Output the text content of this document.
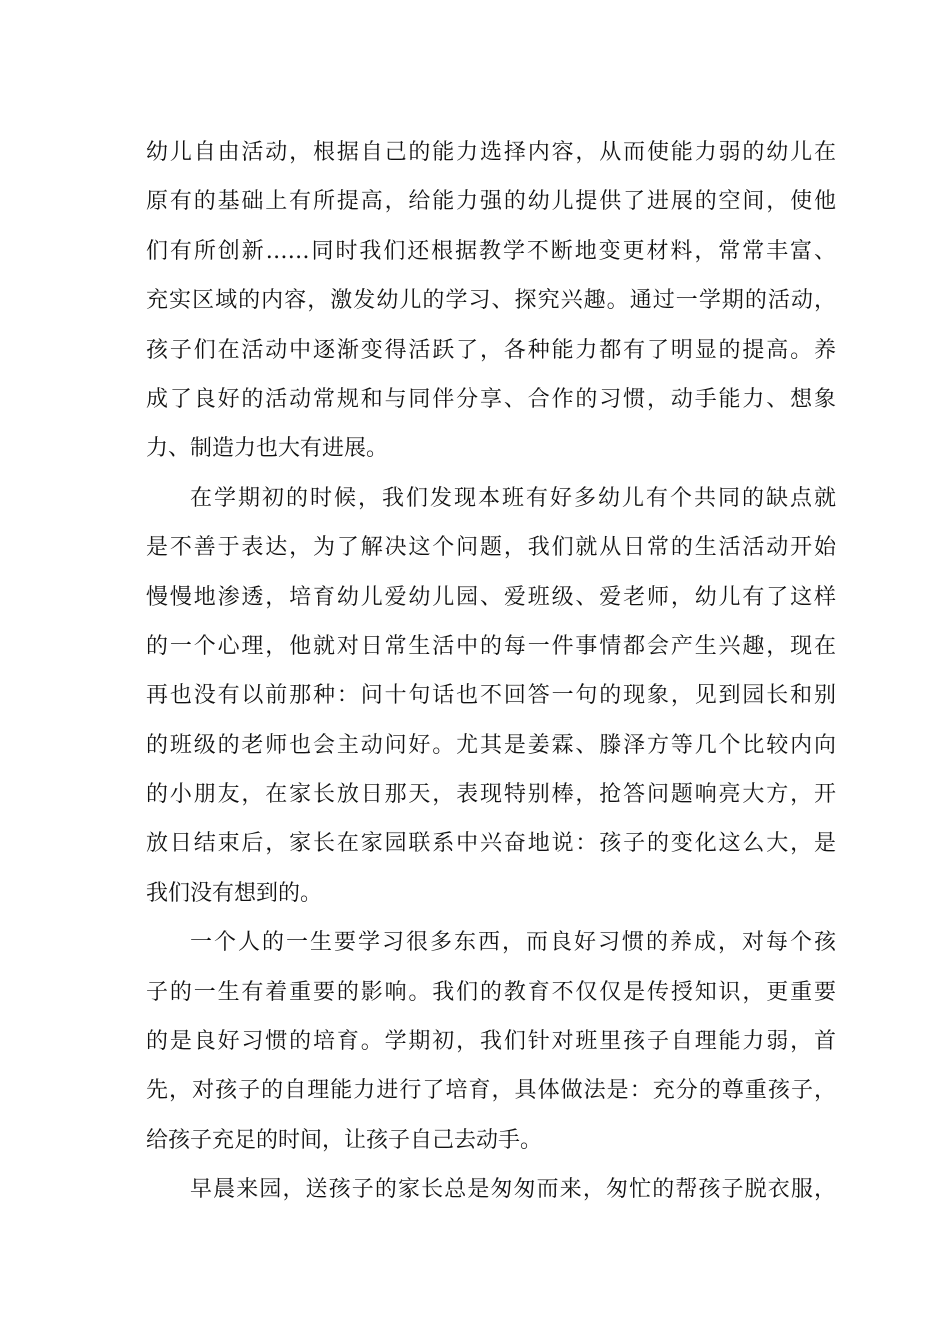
幼儿自由活动，根据自己的能力选择内容，从而使能力弱的幼儿在
原有的基础上有所提高，给能力强的幼儿提供了进展的空间，使他
们有所创新……同时我们还根据教学不断地变更材料，常常丰富、
充实区域的内容，激发幼儿的学习、探究兴趣。通过一学期的活动，
孩子们在活动中逐渐变得活跃了，各种能力都有了明显的提高。养
成了良好的活动常规和与同伴分享、合作的习惯，动手能力、想象
力、制造力也大有进展。
在学期初的时候，我们发现本班有好多幼儿有个共同的缺点就
是不善于表达，为了解决这个问题，我们就从日常的生活活动开始
慢慢地渗透，培育幼儿爱幼儿园、爱班级、爱老师，幼儿有了这样
的一个心理，他就对日常生活中的每一件事情都会产生兴趣，现在
再也没有以前那种：问十句话也不回答一句的现象，见到园长和别
的班级的老师也会主动问好。尤其是姜霖、滕泽方等几个比较内向
的小朋友，在家长放日那天，表现特别棒，抢答问题响亮大方，开
放日结束后，家长在家园联系中兴奋地说：孩子的变化这么大，是
我们没有想到的。
一个人的一生要学习很多东西，而良好习惯的养成，对每个孩
子的一生有着重要的影响。我们的教育不仅仅是传授知识，更重要
的是良好习惯的培育。学期初，我们针对班里孩子自理能力弱，首
先，对孩子的自理能力进行了培育，具体做法是：充分的尊重孩子，
给孩子充足的时间，让孩子自己去动手。
早晨来园，送孩子的家长总是匆匆而来，匆忙的帮孩子脱衣服，
